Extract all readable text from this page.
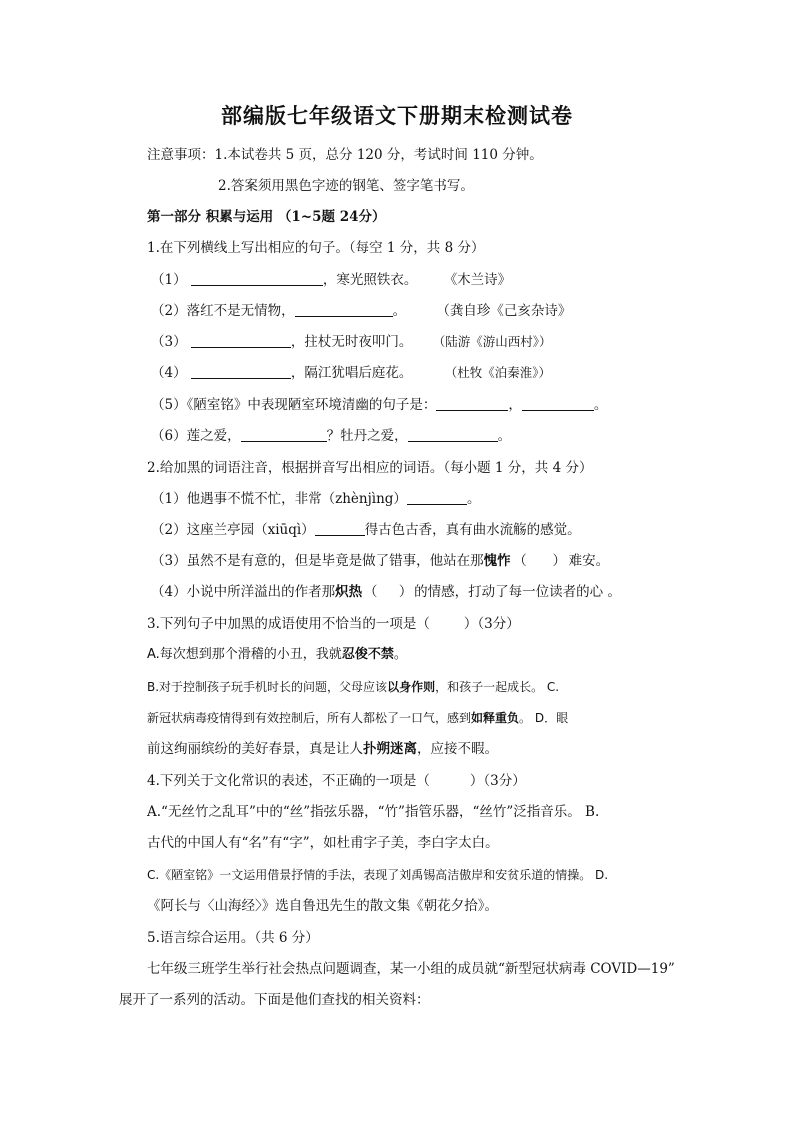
部编版七年级语文下册期末检测试卷
注意事项：1.本试卷共 5 页，总分 120 分，考试时间 110 分钟。
2.答案须用黑色字迹的钢笔、签字笔书写。
第一部分 积累与运用 （1~5题 24分）
1.在下列横线上写出相应的句子。（每空 1 分，共 8 分）
（1）	，寒光照铁衣。 《木兰诗》
（2）落红不是无情物，	。 （龚自珍《己亥杂诗》
（3）	，拄杖无时夜叩门。 （陆游《游山西村》）
（4）	，隔江犹唱后庭花。	（杜牧《泊秦淮》）
（5）《陋室铭》中表现陋室环境清幽的句子是：	，	。
（6）莲之爱，	？牡丹之爱，	。
2.给加黑的词语注音，根据拼音写出相应的词语。（每小题 1 分，共 4 分）
（1）他遇事不慌不忙，非常（zhènjìng）	。
（2）这座兰亭园（xiūqì）	得古色古香，真有曲水流觞的感觉。
（3）虽然不是有意的，但是毕竟是做了错事，他站在那愧怍 （      ） 难安。
（4）小说中所洋溢出的作者那炽热 （     ） 的情感，打动了每一位读者的心 。
3.下列句子中加黑的成语使用不恰当的一项是（	）（3分）
A.每次想到那个滑稽的小丑，我就忍俊不禁。
B.对于控制孩子玩手机时长的问题，父母应该以身作则，和孩子一起成长。 C.
新冠状病毒疫情得到有效控制后，所有人都松了一口气，感到如释重负。 D．眼
前这绚丽缤纷的美好春景，真是让人扑朔迷离，应接不暇。
4.下列关于文化常识的表述，不正确的一项是（	）（3分）
A.“无丝竹之乱耳”中的“丝”指弦乐器，“竹”指管乐器，“丝竹”泛指音乐。 B.
古代的中国人有“名”有“字”，如杜甫字子美，李白字太白。
C.《陋室铭》一文运用借景抒情的手法，表现了刘禹锡高洁傲岸和安贫乐道的情操。 D.
《阿长与〈山海经〉》选自鲁迅先生的散文集《朝花夕拾》。
5.语言综合运用。（共 6 分）
七年级三班学生举行社会热点问题调查，某一小组的成员就“新型冠状病毒 COVID—19”
展开了一系列的活动。下面是他们查找的相关资料：
